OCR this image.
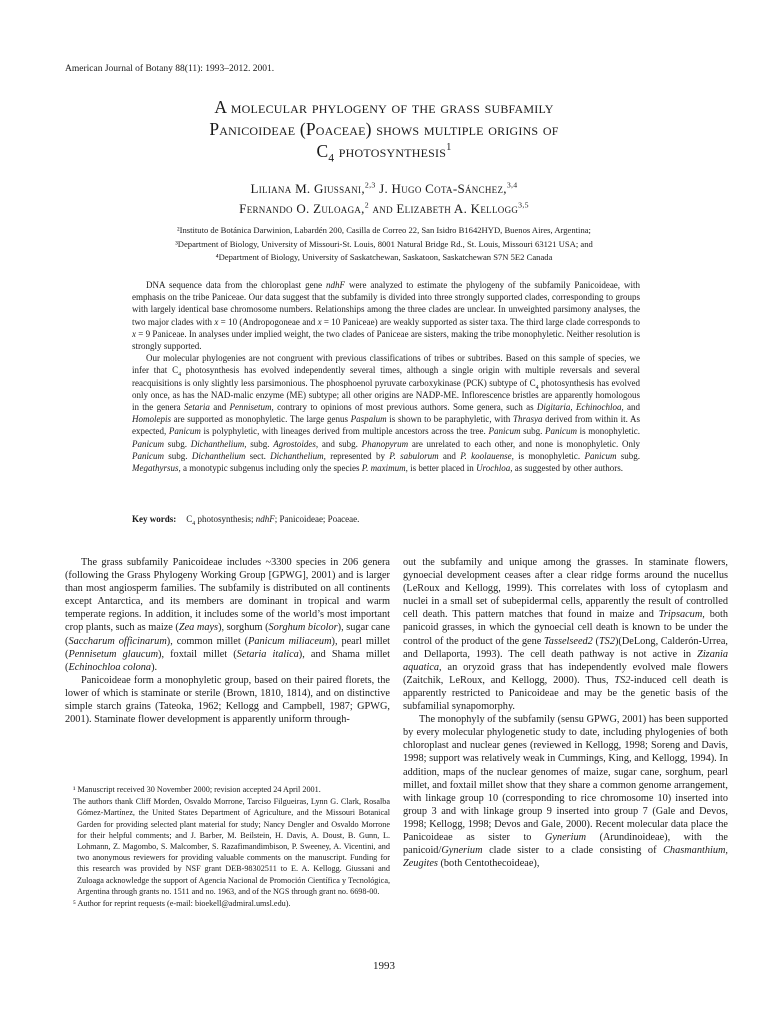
American Journal of Botany 88(11): 1993–2012. 2001.
A molecular phylogeny of the grass subfamily
Panicoideae (Poaceae) shows multiple origins of
$C_4$ photosynthesis$^1$
Liliana M. Giussani,$^{2,3}$ J. Hugo Cota-Sánchez,$^{3,4}$
Fernando O. Zuloaga,$^2$ and Elizabeth A. Kellogg$^{3,5}$
²Instituto de Botánica Darwinion, Labardén 200, Casilla de Correo 22, San Isidro B1642HYD, Buenos Aires, Argentina;
³Department of Biology, University of Missouri-St. Louis, 8001 Natural Bridge Rd., St. Louis, Missouri 63121 USA; and
⁴Department of Biology, University of Saskatchewan, Saskatoon, Saskatchewan S7N 5E2 Canada

DNA sequence data from the chloroplast gene ndhF were analyzed to estimate the phylogeny of the subfamily Panicoideae, with emphasis on the tribe Paniceae. Our data suggest that the subfamily is divided into three strongly supported clades, corresponding to groups with largely identical base chromosome numbers. Relationships among the three clades are unclear. In unweighted parsimony analyses, the two major clades with x = 10 (Andropogoneae and x = 10 Paniceae) are weakly supported as sister taxa. The third large clade corresponds to x = 9 Paniceae. In analyses under implied weight, the two clades of Paniceae are sisters, making the tribe monophyletic. Neither resolution is strongly supported.

Our molecular phylogenies are not congruent with previous classifications of tribes or subtribes. Based on this sample of species, we infer that $C_4$ photosynthesis has evolved independently several times, although a single origin with multiple reversals and several reacquisitions is only slightly less parsimonious. The phosphoenol pyruvate carboxykinase (PCK) subtype of $C_4$ photosynthesis has evolved only once, as has the NAD-malic enzyme (ME) subtype; all other origins are NADP-ME. Inflorescence bristles are apparently homologous in the genera Setaria and Pennisetum, contrary to opinions of most previous authors. Some genera, such as Digitaria, Echinochloa, and Homolepis are supported as monophyletic. The large genus Paspalum is shown to be paraphyletic, with Thrasya derived from within it. As expected, Panicum is polyphyletic, with lineages derived from multiple ancestors across the tree. Panicum subg. Panicum is monophyletic. Panicum subg. Dichanthelium, subg. Agrostoides, and subg. Phanopyrum are unrelated to each other, and none is monophyletic. Only Panicum subg. Dichanthelium sect. Dichanthelium, represented by P. sabulorum and P. koolauense, is monophyletic. Panicum subg. Megathyrsus, a monotypic subgenus including only the species P. maximum, is better placed in Urochloa, as suggested by other authors.

Key words: $C_4$ photosynthesis; ndhF; Panicoideae; Poaceae.

The grass subfamily Panicoideae includes ~3300 species in 206 genera (following the Grass Phylogeny Working Group [GPWG], 2001) and is larger than most angiosperm families. The subfamily is distributed on all continents except Antarctica, and its members are dominant in tropical and warm temperate regions. In addition, it includes some of the world’s most important crop plants, such as maize (Zea mays), sorghum (Sorghum bicolor), sugar cane (Saccharum officinarum), common millet (Panicum miliaceum), pearl millet (Pennisetum glaucum), foxtail millet (Setaria italica), and Shama millet (Echinochloa colona).

Panicoideae form a monophyletic group, based on their paired florets, the lower of which is staminate or sterile (Brown, 1810, 1814), and on distinctive simple starch grains (Tateoka, 1962; Kellogg and Campbell, 1987; GPWG, 2001). Staminate flower development is apparently uniform through-

¹ Manuscript received 30 November 2000; revision accepted 24 April 2001.

The authors thank Cliff Morden, Osvaldo Morrone, Tarciso Filgueiras, Lynn G. Clark, Rosalba Gómez-Martínez, the United States Department of Agriculture, and the Missouri Botanical Garden for providing selected plant material for study; Nancy Dengler and Osvaldo Morrone for their helpful comments; and J. Barber, M. Beilstein, H. Davis, A. Doust, B. Gunn, L. Lohmann, Z. Magombo, S. Malcomber, S. Razafimandimbison, P. Sweeney, A. Vicentini, and two anonymous reviewers for providing valuable comments on the manuscript. Funding for this research was provided by NSF grant DEB-98302511 to E. A. Kellogg. Giussani and Zuloaga acknowledge the support of Agencia Nacional de Promoción Científica y Tecnológica, Argentina through grants no. 1511 and no. 1963, and of the NGS through grant no. 6698-00.

⁵ Author for reprint requests (e-mail: bioekell@admiral.umsl.edu).

out the subfamily and unique among the grasses. In staminate flowers, gynoecial development ceases after a clear ridge forms around the nucellus (LeRoux and Kellogg, 1999). This correlates with loss of cytoplasm and nuclei in a small set of subepidermal cells, apparently the result of controlled cell death. This pattern matches that found in maize and Tripsacum, both panicoid grasses, in which the gynoecial cell death is known to be under the control of the product of the gene Tasselseed2 (TS2)(DeLong, Calderón-Urrea, and Dellaporta, 1993). The cell death pathway is not active in Zizania aquatica, an oryzoid grass that has independently evolved male flowers (Zaitchik, LeRoux, and Kellogg, 2000). Thus, TS2-induced cell death is apparently restricted to Panicoideae and may be the genetic basis of the subfamilial synapomorphy.

The monophyly of the subfamily (sensu GPWG, 2001) has been supported by every molecular phylogenetic study to date, including phylogenies of both chloroplast and nuclear genes (reviewed in Kellogg, 1998; Soreng and Davis, 1998; support was relatively weak in Cummings, King, and Kellogg, 1994). In addition, maps of the nuclear genomes of maize, sugar cane, sorghum, pearl millet, and foxtail millet show that they share a common genome arrangement, with linkage group 10 (corresponding to rice chromosome 10) inserted into group 3 and with linkage group 9 inserted into group 7 (Gale and Devos, 1998; Kellogg, 1998; Devos and Gale, 2000). Recent molecular data place the Panicoideae as sister to Gynerium (Arundinoideae), with the panicoid/Gynerium clade sister to a clade consisting of Chasmanthium, Zeugites (both Centothecoideae),

1993
